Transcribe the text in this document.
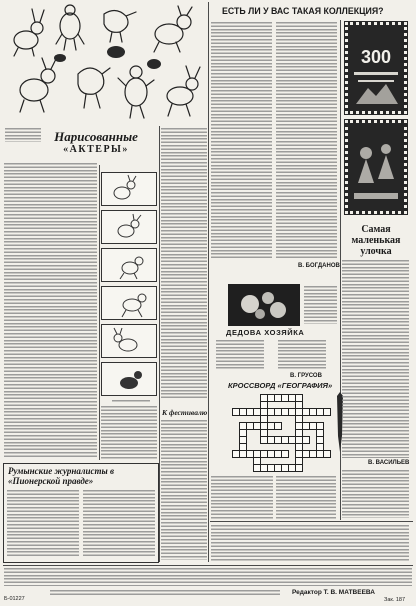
Нарисованные
«АКТЕРЫ»
Румынские журналисты в «Пионерской правде»
К фестивалю
ЕСТЬ ЛИ У ВАС ТАКАЯ КОЛЛЕКЦИЯ?
В. БОГДАНОВ
300
ДЕДОВА ХОЗЯЙКА
В. ГРУСОВ
КРОССВОРД «ГЕОГРАФИЯ»
Самая маленькая улочка
В. ВАСИЛЬЕВ
Б-01227
Редактор Т. В. МАТВЕЕВА
Зак. 187
